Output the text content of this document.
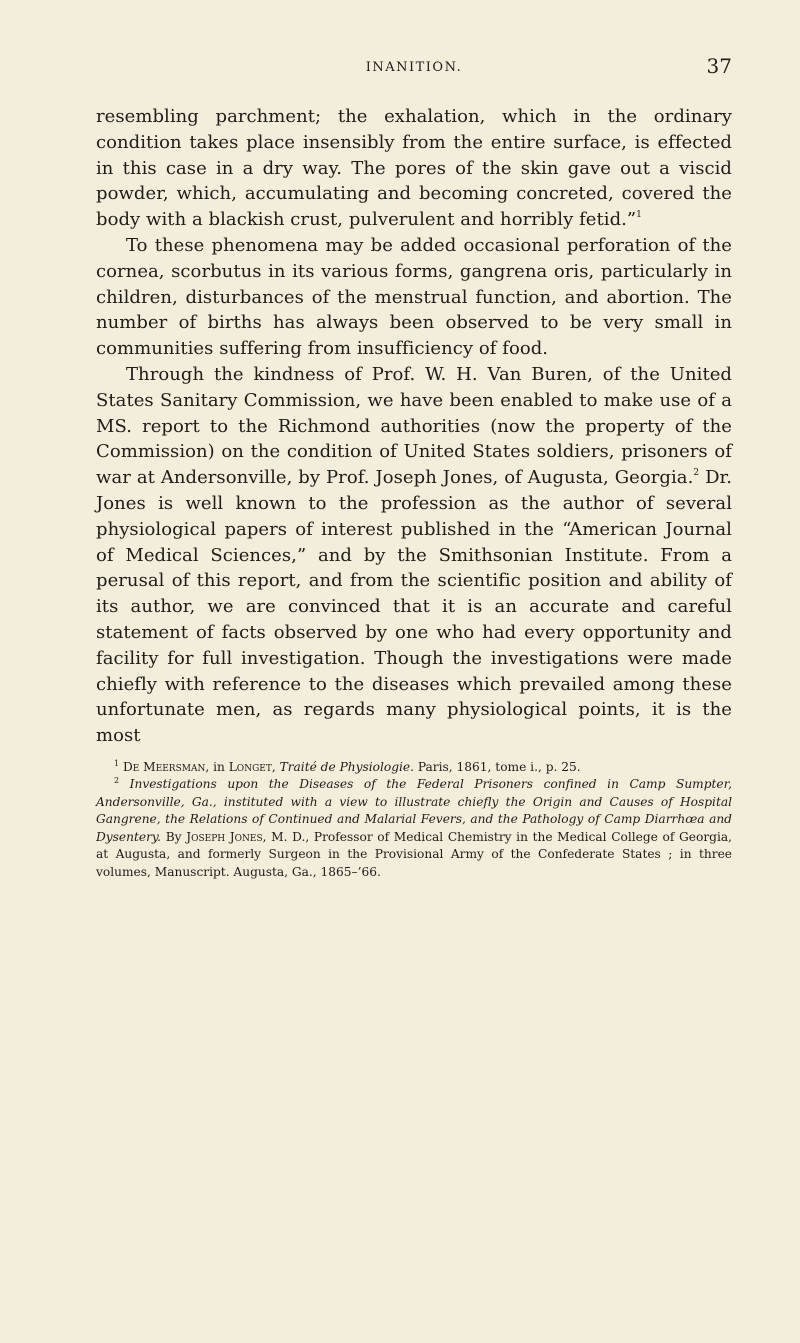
INANITION.	37

resembling parchment; the exhalation, which in the ordinary condition takes place insensibly from the entire surface, is effected in this case in a dry way. The pores of the skin gave out a viscid powder, which, accumulating and becoming concreted, covered the body with a blackish crust, pulverulent and horribly fetid.”$^1$

To these phenomena may be added occasional perforation of the cornea, scorbutus in its various forms, gangrena oris, particularly in children, disturbances of the menstrual function, and abortion. The number of births has always been observed to be very small in communities suffering from insufficiency of food.

Through the kindness of Prof. W. H. Van Buren, of the United States Sanitary Commission, we have been enabled to make use of a MS. report to the Richmond authorities (now the property of the Commission) on the condition of United States soldiers, prisoners of war at Andersonville, by Prof. Joseph Jones, of Augusta, Georgia.$^2$ Dr. Jones is well known to the profession as the author of several physiological papers of interest published in the “American Journal of Medical Sciences,” and by the Smithsonian Institute. From a perusal of this report, and from the scientific position and ability of its author, we are convinced that it is an accurate and careful statement of facts observed by one who had every opportunity and facility for full investigation. Though the investigations were made chiefly with reference to the diseases which prevailed among these unfortunate men, as regards many physiological points, it is the most

$^1$ De Meersman, in Longet, Traité de Physiologie. Paris, 1861, tome i., p. 25.

$^2$ Investigations upon the Diseases of the Federal Prisoners confined in Camp Sumpter, Andersonville, Ga., instituted with a view to illustrate chiefly the Origin and Causes of Hospital Gangrene, the Relations of Continued and Malarial Fevers, and the Pathology of Camp Diarrhœa and Dysentery. By Joseph Jones, M. D., Professor of Medical Chemistry in the Medical College of Georgia, at Augusta, and formerly Surgeon in the Provisional Army of the Confederate States ; in three volumes, Manuscript. Augusta, Ga., 1865–’66.
